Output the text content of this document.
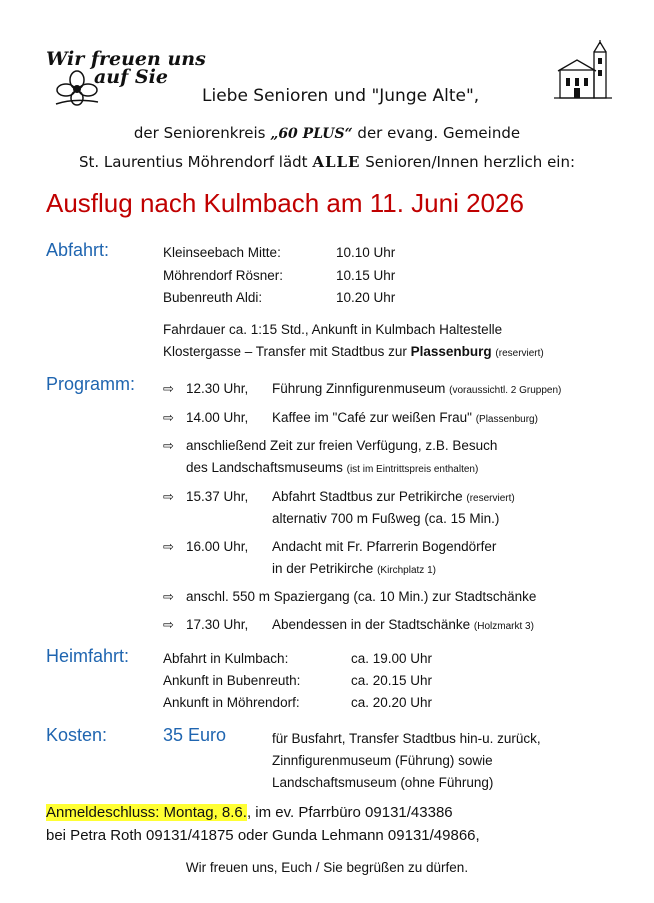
Wir freuen uns
auf Sie
Liebe Senioren und "Junge Alte",
der Seniorenkreis „60 PLUS“ der evang. Gemeinde
St. Laurentius Möhrendorf lädt ALLE Senioren/Innen herzlich ein:
Ausflug nach Kulmbach am 11. Juni 2026
Abfahrt:	Kleinseebach Mitte:	10.10 Uhr
Möhrendorf Rösner:	10.15 Uhr
Bubenreuth Aldi:	10.20 Uhr
Fahrdauer ca. 1:15 Std., Ankunft in Kulmbach Haltestelle
Klostergasse – Transfer mit Stadtbus zur Plassenburg (reserviert)
Programm: ⇨ 12.30 Uhr, Führung Zinnfigurenmuseum (voraussichtl. 2 Gruppen)
⇨ 14.00 Uhr, Kaffee im "Café zur weißen Frau" (Plassenburg)
⇨ anschließend Zeit zur freien Verfügung, z.B. Besuch
des Landschaftsmuseums (ist im Eintrittspreis enthalten)
⇨ 15.37 Uhr, Abfahrt Stadtbus zur Petrikirche (reserviert)
alternativ 700 m Fußweg (ca. 15 Min.)
⇨ 16.00 Uhr, Andacht mit Fr. Pfarrerin Bogendörfer
in der Petrikirche (Kirchplatz 1)
⇨ anschl. 550 m Spaziergang (ca. 10 Min.) zur Stadtschänke
⇨ 17.30 Uhr, Abendessen in der Stadtschänke (Holzmarkt 3)
Heimfahrt:	Abfahrt in Kulmbach:	ca. 19.00 Uhr
Ankunft in Bubenreuth:	ca. 20.15 Uhr
Ankunft in Möhrendorf:	ca. 20.20 Uhr
Kosten:	35 Euro	für Busfahrt, Transfer Stadtbus hin-u. zurück,
Zinnfigurenmuseum (Führung) sowie
Landschaftsmuseum (ohne Führung)
Anmeldeschluss: Montag, 8.6., im ev. Pfarrbüro 09131/43386
bei Petra Roth 09131/41875 oder Gunda Lehmann 09131/49866,
Wir freuen uns, Euch / Sie begrüßen zu dürfen.
